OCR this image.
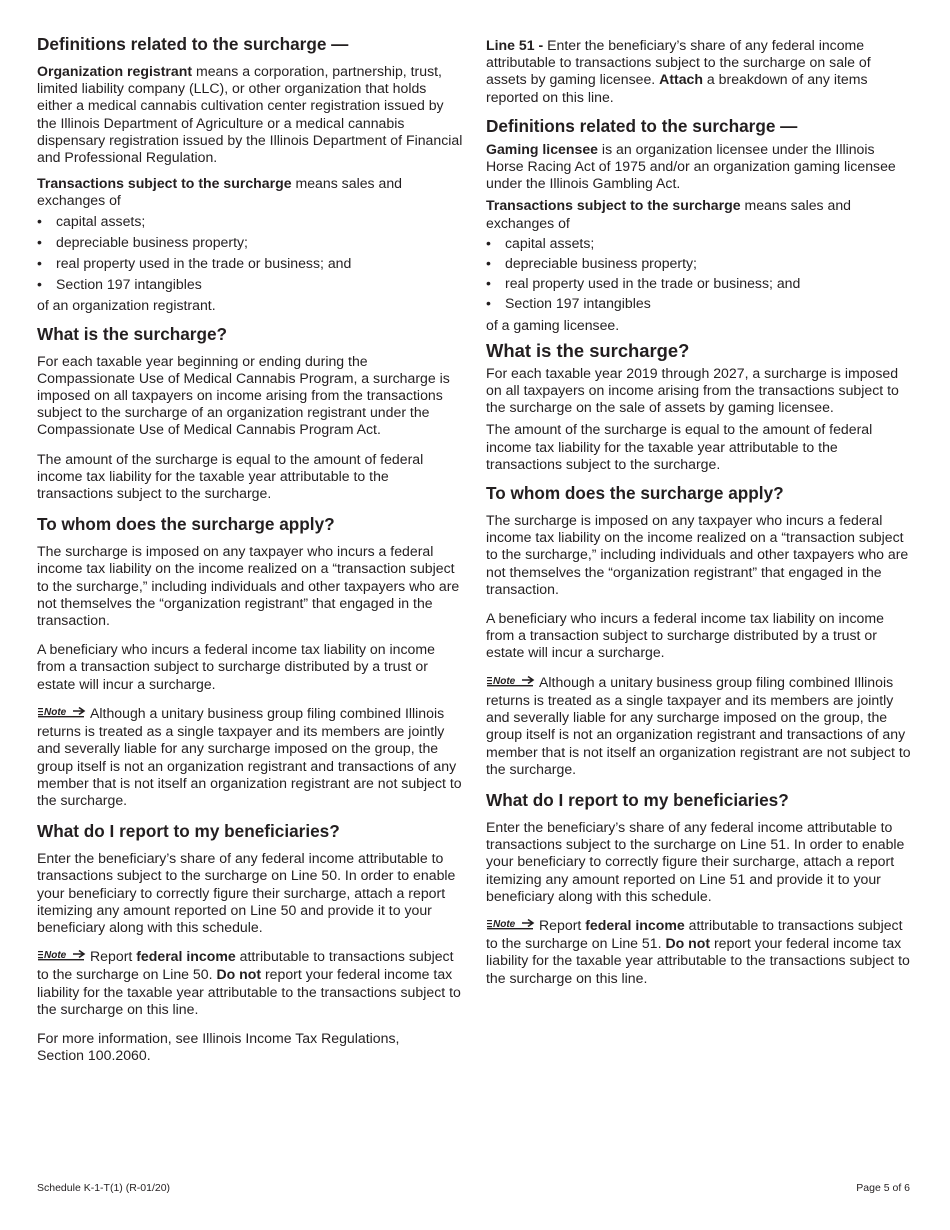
Definitions related to the surcharge —

Organization registrant means a corporation, partnership, trust, limited liability company (LLC), or other organization that holds either a medical cannabis cultivation center registration issued by the Illinois Department of Agriculture or a medical cannabis dispensary registration issued by the Illinois Department of Financial and Professional Regulation.

Transactions subject to the surcharge means sales and exchanges of

• capital assets;
• depreciable business property;
• real property used in the trade or business; and
• Section 197 intangibles

of an organization registrant.

What is the surcharge?

For each taxable year beginning or ending during the Compassionate Use of Medical Cannabis Program, a surcharge is imposed on all taxpayers on income arising from the transactions subject to the surcharge of an organization registrant under the Compassionate Use of Medical Cannabis Program Act.

The amount of the surcharge is equal to the amount of federal income tax liability for the taxable year attributable to the transactions subject to the surcharge.

To whom does the surcharge apply?

The surcharge is imposed on any taxpayer who incurs a federal income tax liability on the income realized on a “transaction subject to the surcharge,” including individuals and other taxpayers who are not themselves the “organization registrant” that engaged in the transaction.

A beneficiary who incurs a federal income tax liability on income from a transaction subject to surcharge distributed by a trust or estate will incur a surcharge.

Note Although a unitary business group filing combined Illinois returns is treated as a single taxpayer and its members are jointly and severally liable for any surcharge imposed on the group, the group itself is not an organization registrant and transactions of any member that is not itself an organization registrant are not subject to the surcharge.

What do I report to my beneficiaries?

Enter the beneficiary’s share of any federal income attributable to transactions subject to the surcharge on Line 50. In order to enable your beneficiary to correctly figure their surcharge, attach a report itemizing any amount reported on Line 50 and provide it to your beneficiary along with this schedule.

Note Report federal income attributable to transactions subject to the surcharge on Line 50. Do not report your federal income tax liability for the taxable year attributable to the transactions subject to the surcharge on this line.

For more information, see Illinois Income Tax Regulations,
Section 100.2060.

Line 51 - Enter the beneficiary’s share of any federal income attributable to transactions subject to the surcharge on sale of assets by gaming licensee. Attach a breakdown of any items reported on this line.

Definitions related to the surcharge —

Gaming licensee is an organization licensee under the Illinois Horse Racing Act of 1975 and/or an organization gaming licensee under the Illinois Gambling Act.

Transactions subject to the surcharge means sales and exchanges of

• capital assets;
• depreciable business property;
• real property used in the trade or business; and
• Section 197 intangibles

of a gaming licensee.

What is the surcharge?

For each taxable year 2019 through 2027, a surcharge is imposed on all taxpayers on income arising from the transactions subject to the surcharge on the sale of assets by gaming licensee.

The amount of the surcharge is equal to the amount of federal income tax liability for the taxable year attributable to the transactions subject to the surcharge.

To whom does the surcharge apply?

The surcharge is imposed on any taxpayer who incurs a federal income tax liability on the income realized on a “transaction subject to the surcharge,” including individuals and other taxpayers who are not themselves the “organization registrant” that engaged in the transaction.

A beneficiary who incurs a federal income tax liability on income from a transaction subject to surcharge distributed by a trust or estate will incur a surcharge.

Note Although a unitary business group filing combined Illinois returns is treated as a single taxpayer and its members are jointly and severally liable for any surcharge imposed on the group, the group itself is not an organization registrant and transactions of any member that is not itself an organization registrant are not subject to the surcharge.

What do I report to my beneficiaries?

Enter the beneficiary’s share of any federal income attributable to transactions subject to the surcharge on Line 51. In order to enable your beneficiary to correctly figure their surcharge, attach a report itemizing any amount reported on Line 51 and provide it to your beneficiary along with this schedule.

Note Report federal income attributable to transactions subject to the surcharge on Line 51. Do not report your federal income tax liability for the taxable year attributable to the transactions subject to the surcharge on this line.

Schedule K-1-T(1) (R-01/20)	Page 5 of 6
